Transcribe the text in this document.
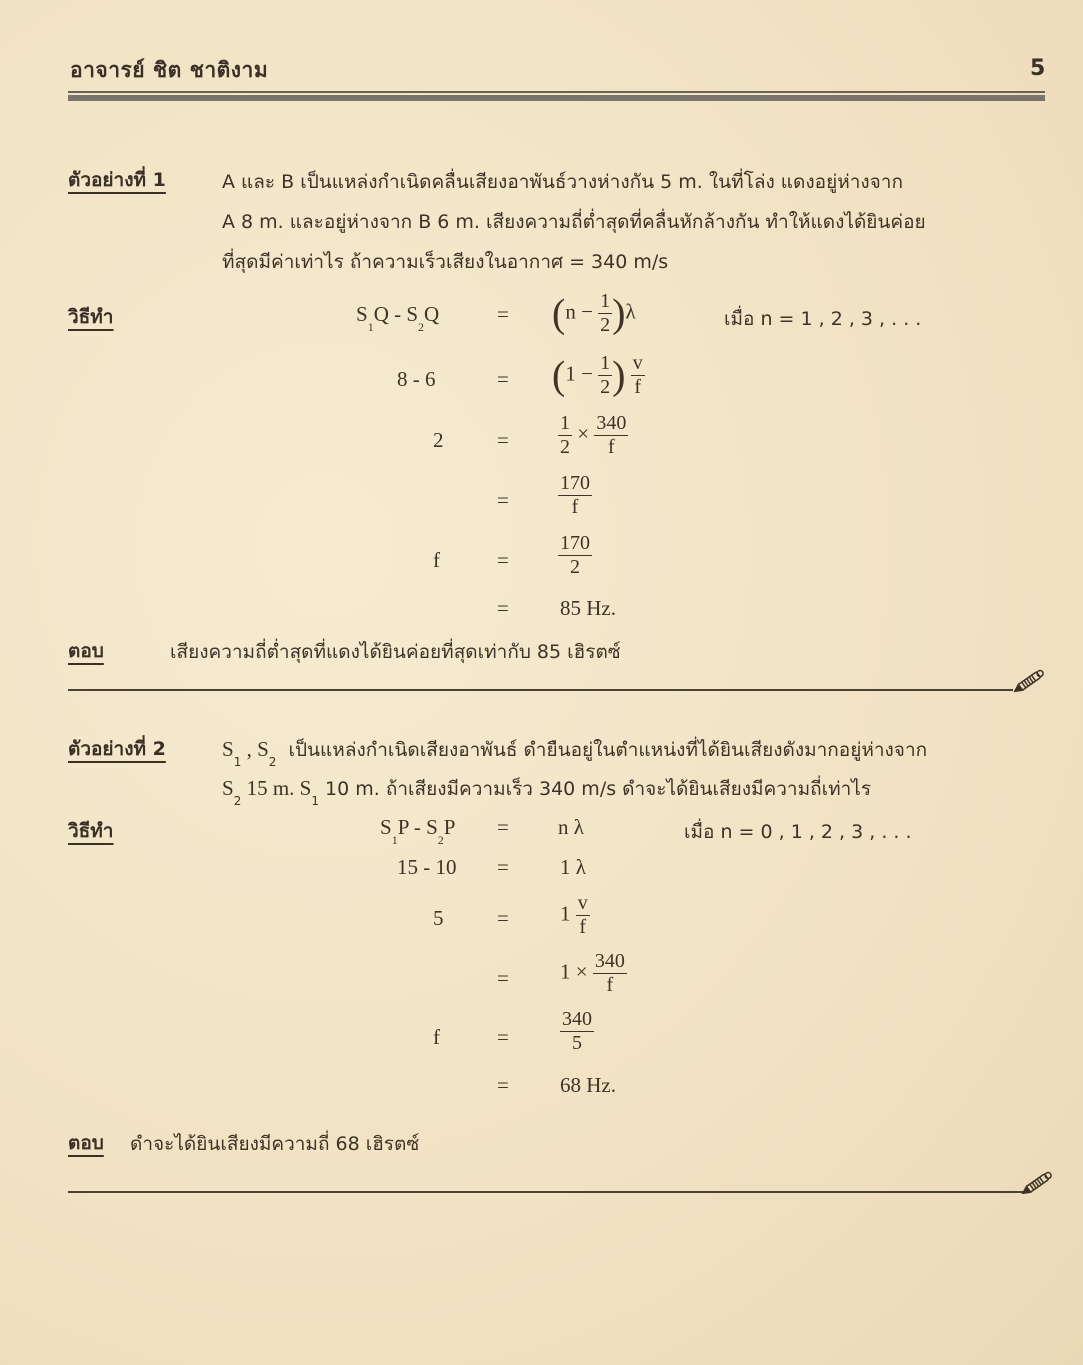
อาจารย์ ชิต ชาติงาม	5
ตัวอย่างที่ 1	A และ B เป็นแหล่งกำเนิดคลื่นเสียงอาพันธ์วางห่างกัน 5 m. ในที่โล่ง แดงอยู่ห่างจาก
A 8 m. และอยู่ห่างจาก B 6 m. เสียงความถี่ต่ำสุดที่คลื่นหักล้างกัน ทำให้แดงได้ยินค่อย
ที่สุดมีค่าเท่าไร ถ้าความเร็วเสียงในอากาศ = 340 m/s
วิธีทำ	$S_1Q - S_2Q$	= $(n - \frac{1}{2} )\lambda$	เมื่อ n = 1 , 2 , 3 , . . .
8 - 6	= ($1 - \frac{1}{2}$ ) $\frac{v}{f}$
2	= $\frac{1}{2} \times \frac{340}{f}$
= $\frac{170}{f}$
f	= $\frac{170}{2}$
= 85 Hz.
ตอบ	เสียงความถี่ต่ำสุดที่แดงได้ยินค่อยที่สุดเท่ากับ 85 เฮิรตซ์
ตัวอย่างที่ 2	$S_1$ , $S_2$  เป็นแหล่งกำเนิดเสียงอาพันธ์ ดำยืนอยู่ในตำแหน่งที่ได้ยินเสียงดังมากอยู่ห่างจาก
$S_2$ 15 m. $S_1$ 10 m. ถ้าเสียงมีความเร็ว 340 m/s ดำจะได้ยินเสียงมีความถี่เท่าไร
วิธีทำ	$S_1P - S_2P = n$ λ	เมื่อ n = 0 , 1 , 2 , 3 , . . .
15 - 10 = 1 λ
5	= $1 \frac{v}{f}$
= $1 \times \frac{340}{f}$
f	=	$\frac{340}{5}$
= 68 Hz.
ตอบ ดำจะได้ยินเสียงมีความถี่ 68 เฮิรตซ์
